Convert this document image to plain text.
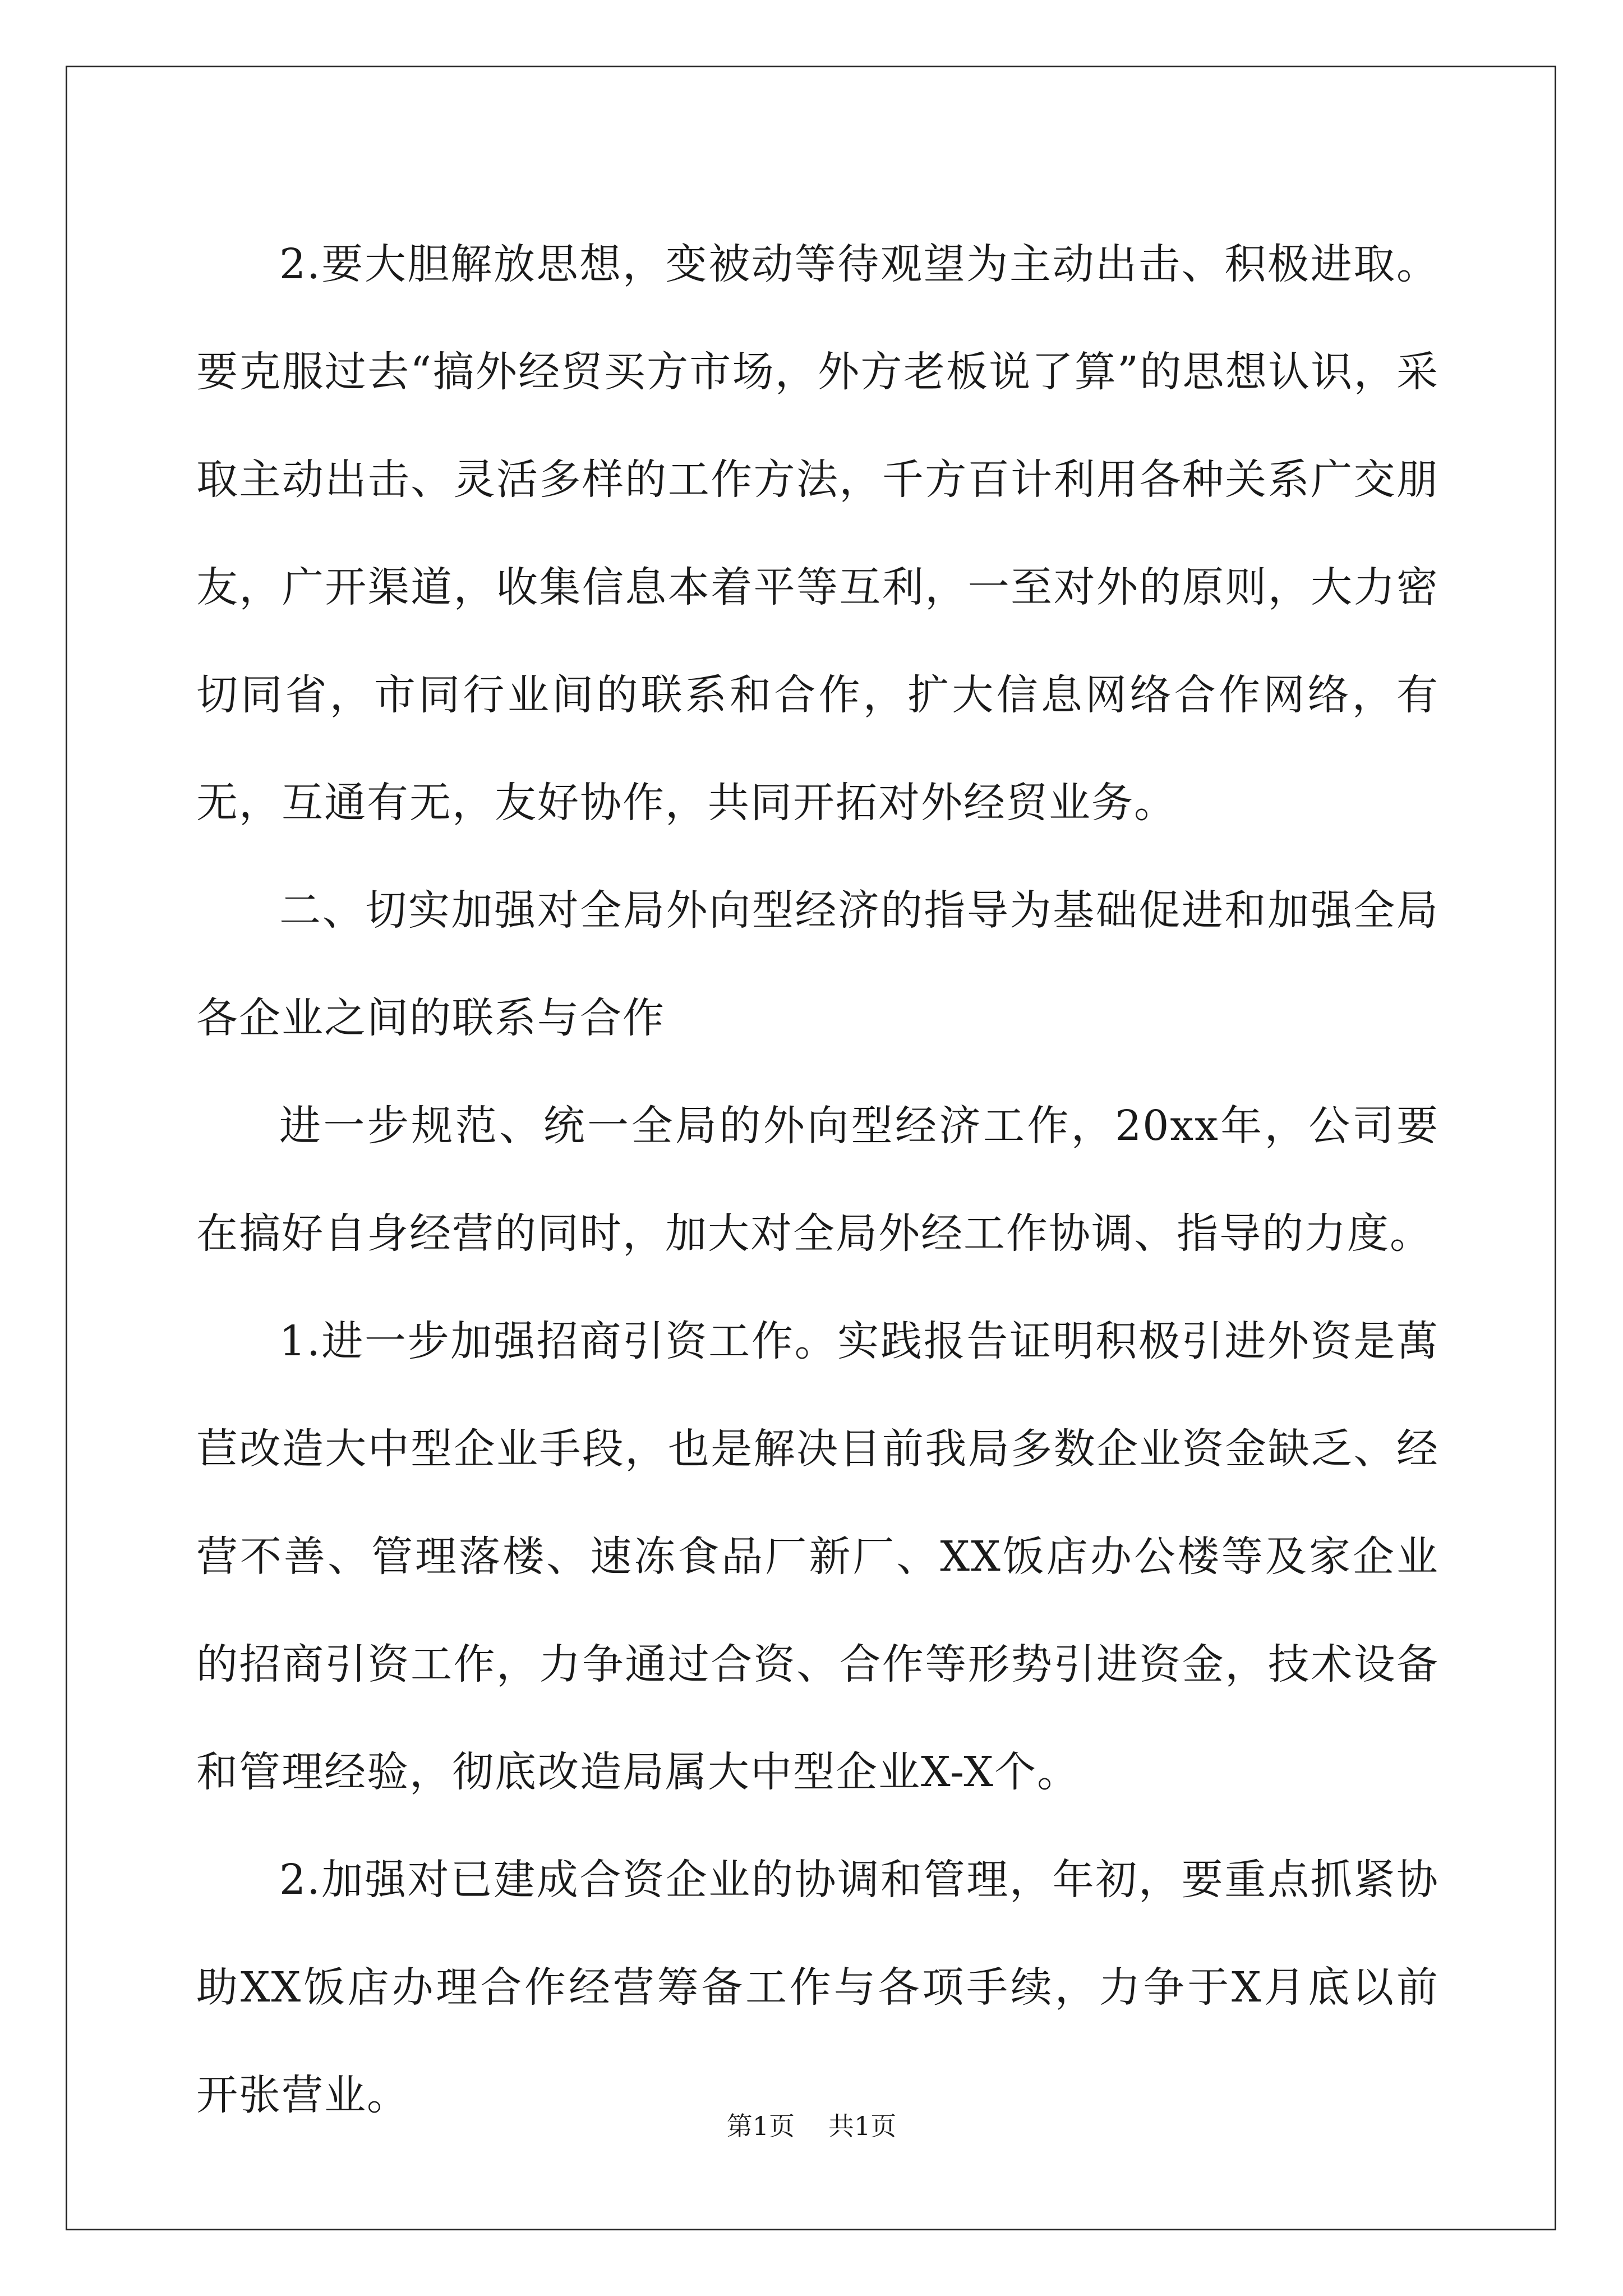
2.要大胆解放思想，变被动等待观望为主动出击、积极进取。要克服过去“搞外经贸买方市场，外方老板说了算”的思想认识，采取主动出击、灵活多样的工作方法，千方百计利用各种关系广交朋友，广开渠道，收集信息本着平等互利，一至对外的原则，大力密切同省，市同行业间的联系和合作，扩大信息网络合作网络，有无，互通有无，友好协作，共同开拓对外经贸业务。

二、切实加强对全局外向型经济的指导为基础促进和加强全局各企业之间的联系与合作

进一步规范、统一全局的外向型经济工作，20xx年，公司要在搞好自身经营的同时，加大对全局外经工作协调、指导的力度。

1.进一步加强招商引资工作。实践报告证明积极引进外资是萬苣改造大中型企业手段，也是解决目前我局多数企业资金缺乏、经营不善、管理落楼、速冻食品厂新厂、XX饭店办公楼等及家企业的招商引资工作，力争通过合资、合作等形势引进资金，技术设备和管理经验，彻底改造局属大中型企业X-X个。

2.加强对已建成合资企业的协调和管理，年初，要重点抓紧协助XX饭店办理合作经营筹备工作与各项手续，力争于X月底以前开张营业。

第1页 共1页
